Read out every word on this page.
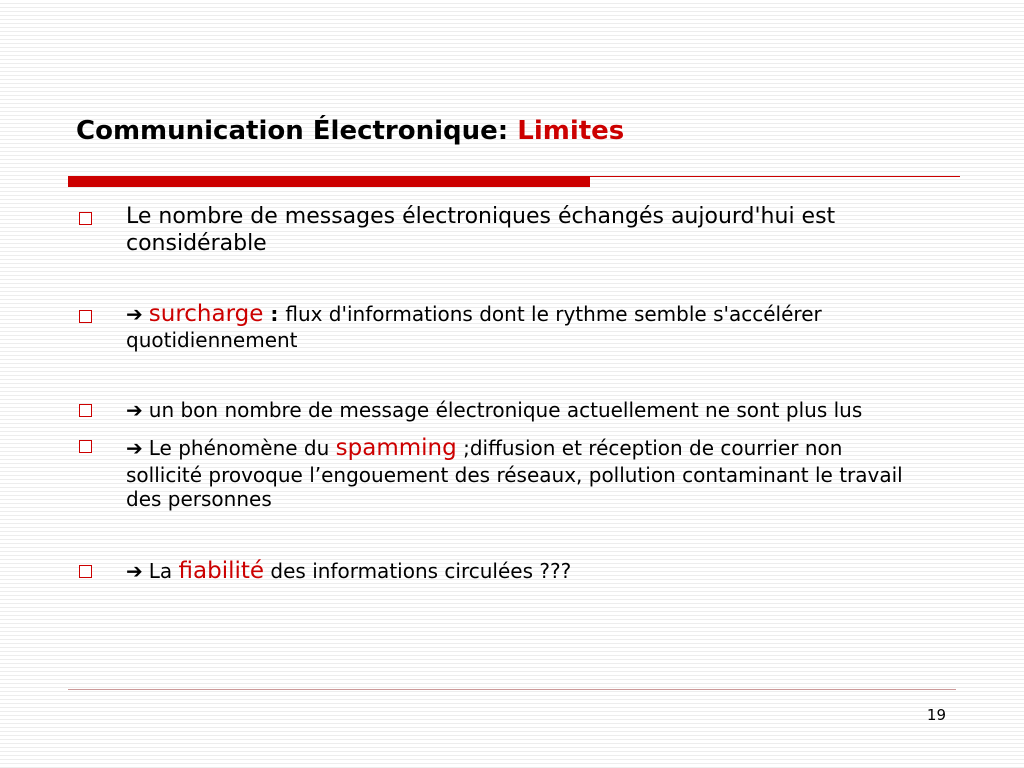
Communication Électronique: Limites
Le nombre de messages électroniques échangés aujourd'hui est considérable
➔ surcharge : flux d'informations dont le rythme semble s'accélérer quotidiennement
➔ un bon nombre de message électronique actuellement ne sont plus lus
➔ Le phénomène du spamming ;diffusion et réception de courrier non sollicité provoque l’engouement des réseaux, pollution contaminant le travail des personnes
➔ La fiabilité des informations circulées ???
19
